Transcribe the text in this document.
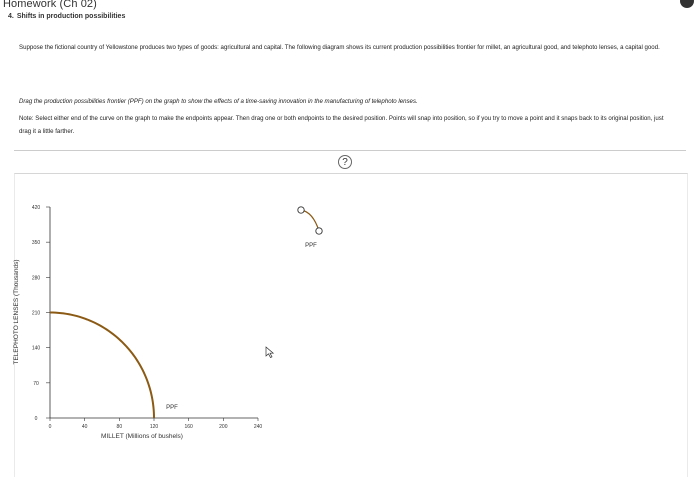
Homework (Ch 02)
4. Shifts in production possibilities
Suppose the fictional country of Yellowstone produces two types of goods: agricultural and capital. The following diagram shows its current production possibilities frontier for millet, an agricultural good, and telephoto lenses, a capital good.
Drag the production possibilities frontier (PPF) on the graph to show the effects of a time-saving innovation in the manufacturing of telephoto lenses.
Note: Select either end of the curve on the graph to make the endpoints appear. Then drag one or both endpoints to the desired position. Points will snap into position, so if you try to move a point and it snaps back to its original position, just drag it a little farther.
?
0
70
140
210
280
350
420
0	40	80	120	160	200	240
TELEPHOTO LENSES (Thousands)
MILLET (Millions of bushels)
PPF
PPF
